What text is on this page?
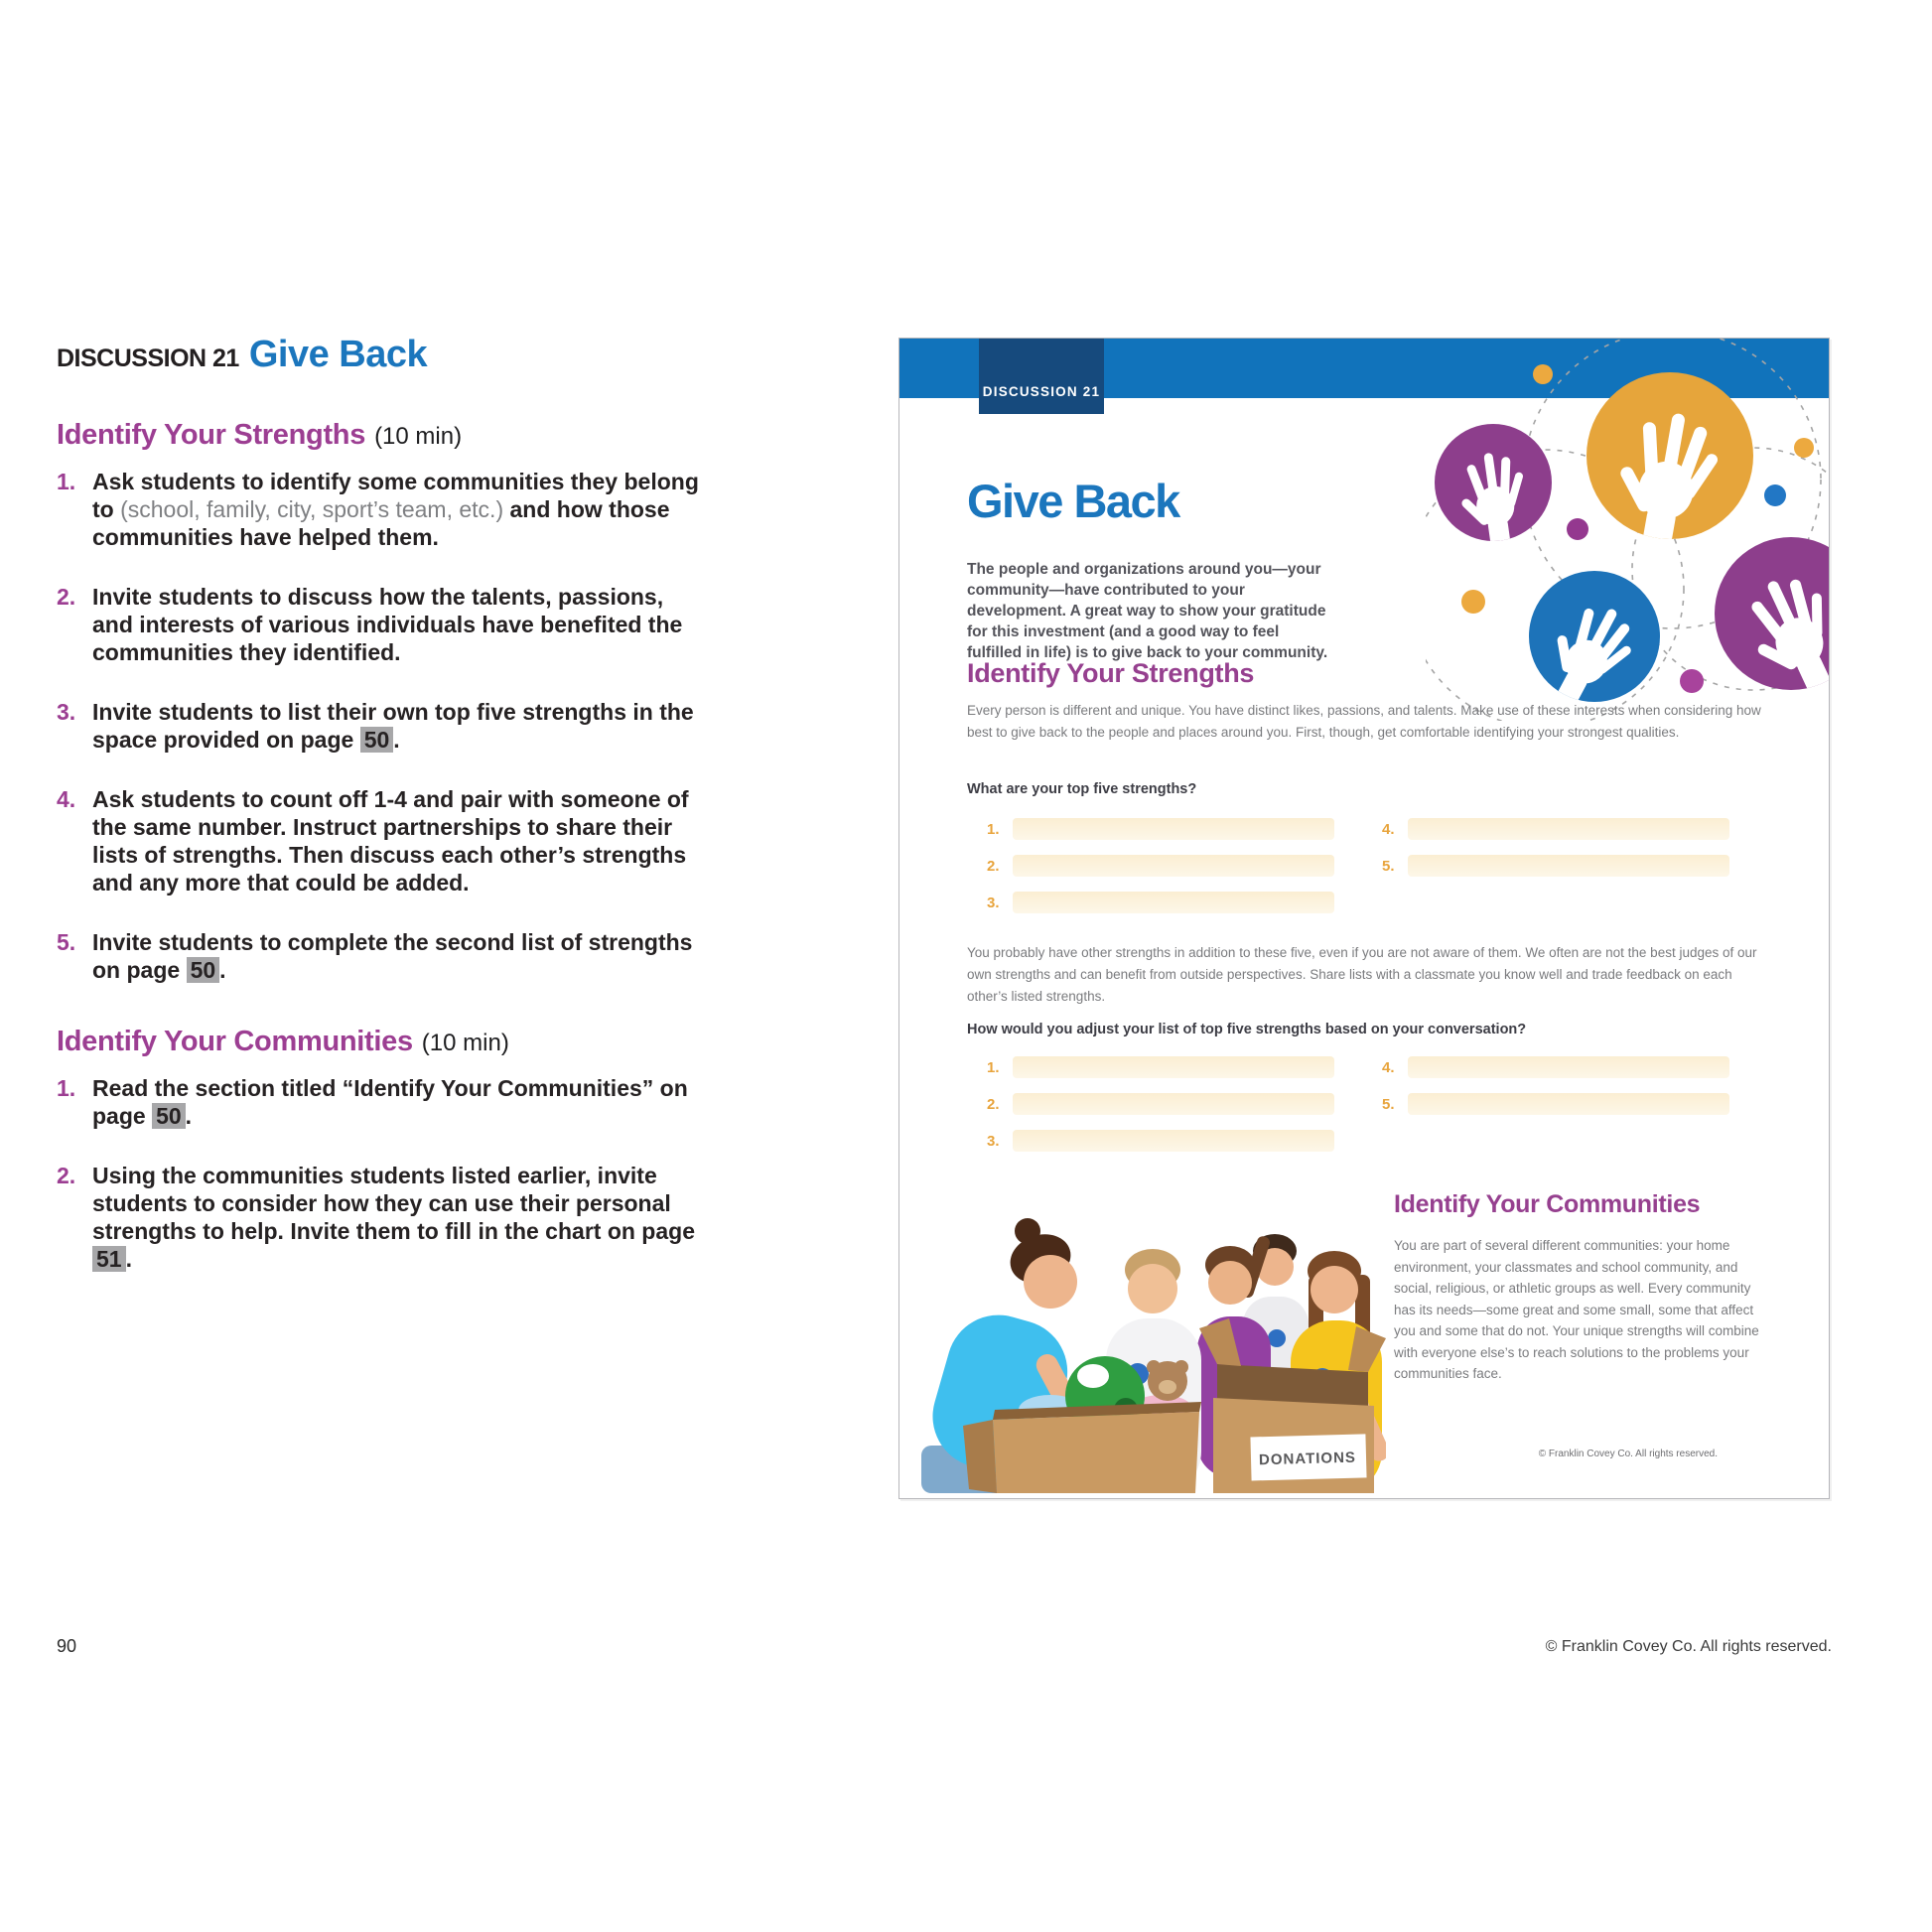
DISCUSSION 21 Give Back
Identify Your Strengths (10 min)
1. Ask students to identify some communities they belong to (school, family, city, sport’s team, etc.) and how those communities have helped them.
2. Invite students to discuss how the talents, passions, and interests of various individuals have benefited the communities they identified.
3. Invite students to list their own top five strengths in the space provided on page 50 .
4. Ask students to count off 1-4 and pair with someone of the same number. Instruct partnerships to share their lists of strengths. Then discuss each other’s strengths and any more that could be added.
5. Invite students to complete the second list of strengths on page 50 .
Identify Your Communities (10 min)
1. Read the section titled “Identify Your Communities” on page 50 .
2. Using the communities students listed earlier, invite students to consider how they can use their personal strengths to help. Invite them to fill in the chart on page 51 .
DISCUSSION 21
Give Back
The people and organizations around you—your community—have contributed to your development. A great way to show your gratitude for this investment (and a good way to feel fulfilled in life) is to give back to your community.
Identify Your Strengths
Every person is different and unique. You have distinct likes, passions, and talents. Make use of these interests when considering how best to give back to the people and places around you. First, though, get comfortable identifying your strongest qualities.
What are your top five strengths?
1.
2.
3.
4.
5.
You probably have other strengths in addition to these five, even if you are not aware of them. We often are not the best judges of our own strengths and can benefit from outside perspectives. Share lists with a classmate you know well and trade feedback on each other’s listed strengths.
How would you adjust your list of top five strengths based on your conversation?
1.
2.
3.
4.
5.
DONATIONS
Identify Your Communities
You are part of several different communities: your home environment, your classmates and school community, and social, religious, or athletic groups as well. Every community has its needs—some great and some small, some that affect you and some that do not. Your unique strengths will combine with everyone else’s to reach solutions to the problems your communities face.
© Franklin Covey Co. All rights reserved.
90	© Franklin Covey Co. All rights reserved.
